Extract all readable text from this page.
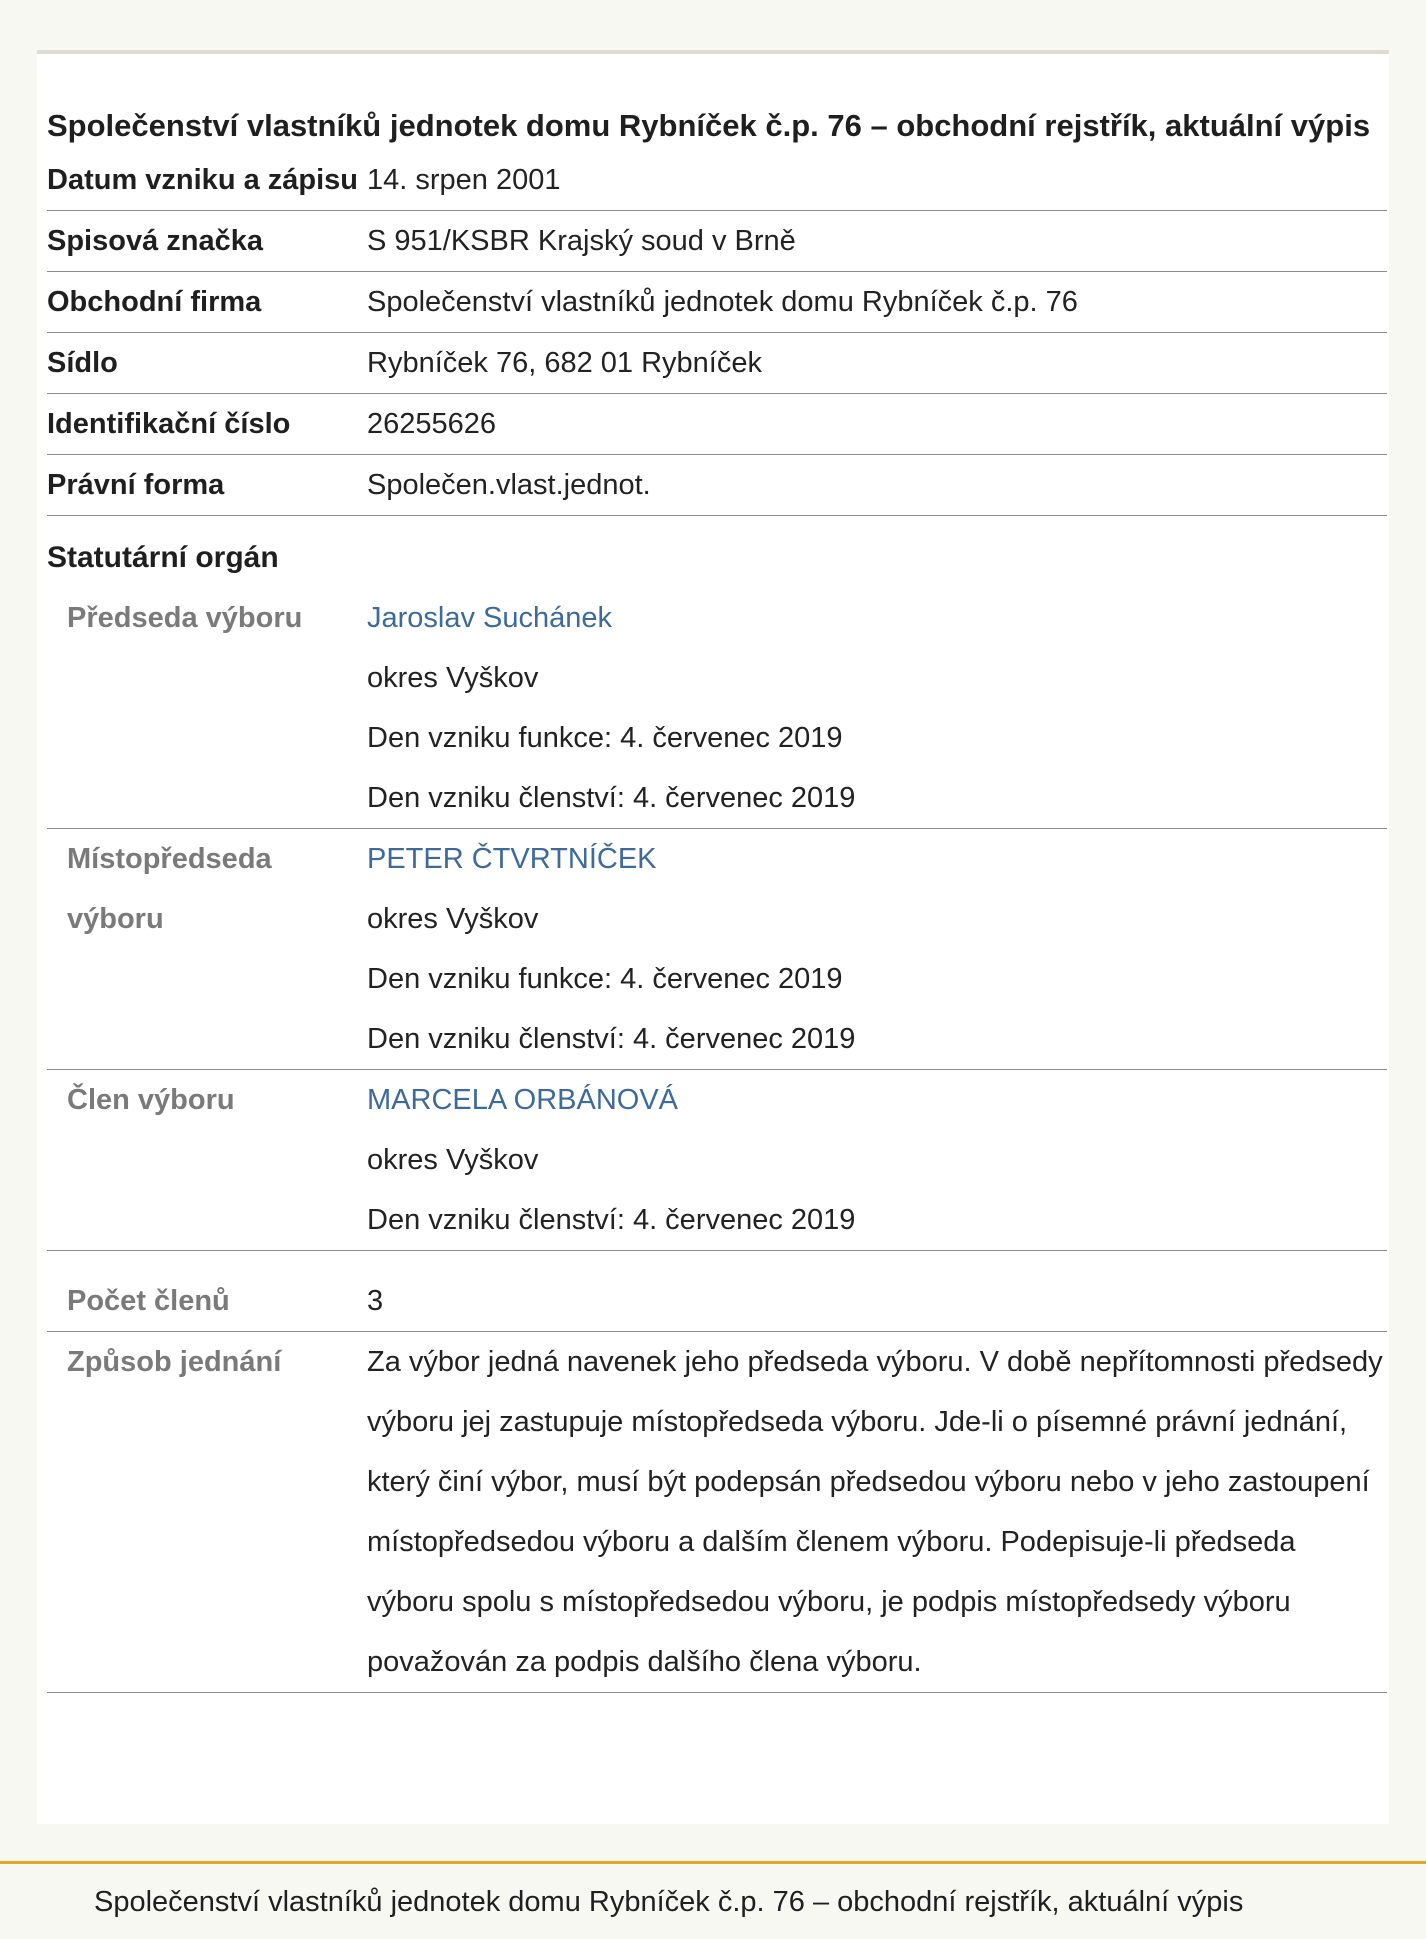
Společenství vlastníků jednotek domu Rybníček č.p. 76 – obchodní rejstřík, aktuální výpis
Datum vzniku a zápisu	14. srpen 2001
Spisová značka	S 951/KSBR Krajský soud v Brně
Obchodní firma	Společenství vlastníků jednotek domu Rybníček č.p. 76
Sídlo	Rybníček 76, 682 01 Rybníček
Identifikační číslo	26255626
Právní forma	Společen.vlast.jednot.
Statutární orgán
Předseda výboru	Jaroslav Suchánek
okres Vyškov
Den vzniku funkce: 4. červenec 2019
Den vzniku členství: 4. červenec 2019

Místopředseda výboru	PETER ČTVRTNÍČEK
okres Vyškov
Den vzniku funkce: 4. červenec 2019
Den vzniku členství: 4. červenec 2019

Člen výboru	MARCELA ORBÁNOVÁ
okres Vyškov
Den vzniku členství: 4. červenec 2019

Počet členů	3
Způsob jednání	Za výbor jedná navenek jeho předseda výboru. V době nepřítomnosti předsedy výboru jej zastupuje místopředseda výboru. Jde-li o písemné právní jednání, který činí výbor, musí být podepsán předsedou výboru nebo v jeho zastoupení místopředsedou výboru a dalším členem výboru. Podepisuje-li předseda výboru spolu s místopředsedou výboru, je podpis místopředsedy výboru považován za podpis dalšího člena výboru.
Společenství vlastníků jednotek domu Rybníček č.p. 76 – obchodní rejstřík, aktuální výpis
